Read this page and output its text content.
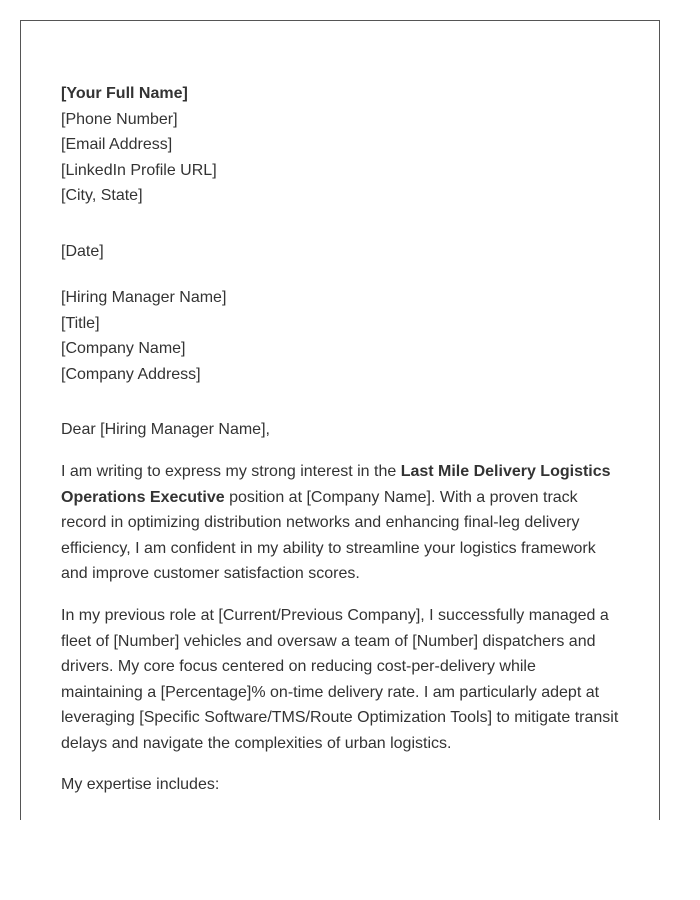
[Your Full Name]
[Phone Number]
[Email Address]
[LinkedIn Profile URL]
[City, State]
[Date]
[Hiring Manager Name]
[Title]
[Company Name]
[Company Address]
Dear [Hiring Manager Name],
I am writing to express my strong interest in the Last Mile Delivery Logistics
Operations Executive position at [Company Name]. With a proven track
record in optimizing distribution networks and enhancing final-leg delivery
efficiency, I am confident in my ability to streamline your logistics framework
and improve customer satisfaction scores.
In my previous role at [Current/Previous Company], I successfully managed a
fleet of [Number] vehicles and oversaw a team of [Number] dispatchers and
drivers. My core focus centered on reducing cost-per-delivery while
maintaining a [Percentage]% on-time delivery rate. I am particularly adept at
leveraging [Specific Software/TMS/Route Optimization Tools] to mitigate transit
delays and navigate the complexities of urban logistics.
My expertise includes:
